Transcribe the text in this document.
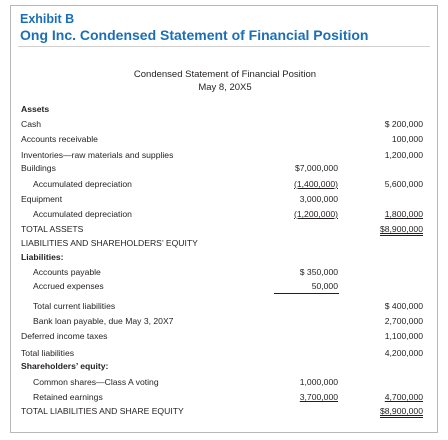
Exhibit B
Ong Inc. Condensed Statement of Financial Position
Condensed Statement of Financial Position
May 8, 20X5
Assets
Cash	$ 200,000
Accounts receivable	100,000
Inventories—raw materials and supplies	1,200,000
Buildings	$7,000,000
Accumulated depreciation	(1,400,000)	5,600,000
Equipment	3,000,000
Accumulated depreciation	(1,200,000)	1,800,000
TOTAL ASSETS	$8,900,000
LIABILITIES AND SHAREHOLDERS’ EQUITY
Liabilities:
Accounts payable	$ 350,000
Accrued expenses	50,000
Total current liabilities	$ 400,000
Bank loan payable, due May 3, 20X7	2,700,000
Deferred income taxes	1,100,000
Total liabilities	4,200,000
Shareholders’ equity:
Common shares—Class A voting	1,000,000
Retained earnings	3,700,000	4,700,000
TOTAL LIABILITIES AND SHARE EQUITY	$8,900,000
